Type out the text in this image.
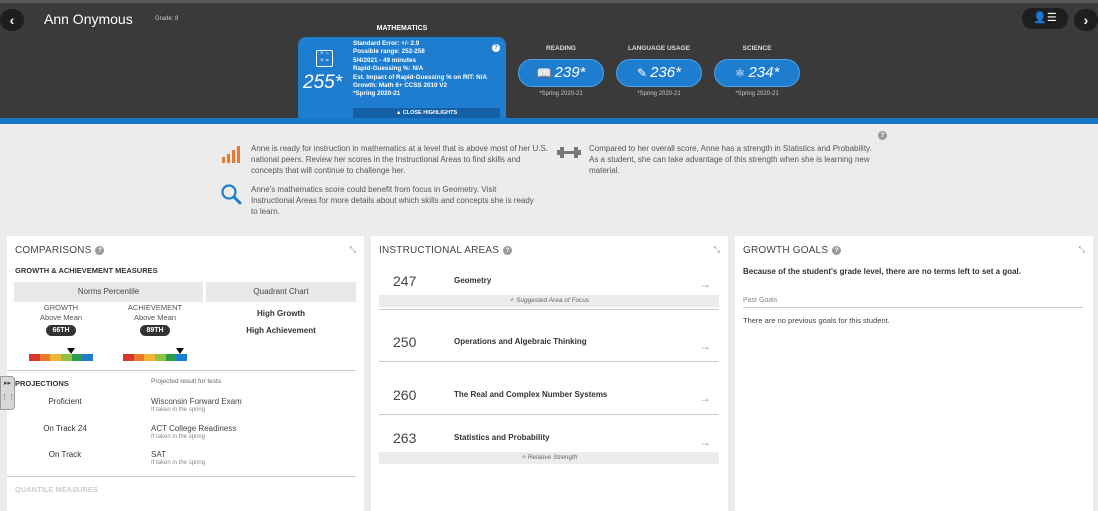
‹	Ann Onymous	Grade: 8	👤☰	›
MATHEMATICS
+ −
× =
255*
Standard Error: +/- 2.9
Possible range: 252-258
5/4/2021 - 49 minutes
Rapid-Guessing %: N/A
Est. Impact of Rapid-Guessing % on RIT: N/A
Growth: Math 6+ CCSS 2010 V2
*Spring 2020-21
?
▲ CLOSE HIGHLIGHTS
READING
📖 239*
*Spring 2020-21
LANGUAGE USAGE
✎ 236*
*Spring 2020-21
SCIENCE
⚛ 234*
*Spring 2020-21
Anne is ready for instruction in mathematics at a level that is above most of her U.S. national peers. Review her scores in the Instructional Areas to find skills and concepts that will continue to challenge her.
Anne's mathematics score could benefit from focus in Geometry. Visit Instructional Areas for more details about which skills and concepts she is ready to learn.
Compared to her overall score, Anne has a strength in Statistics and Probability. As a student, she can take advantage of this strength when she is learning new material.
?
COMPARISONS ?	⤡
GROWTH & ACHIEVEMENT MEASURES
Norms Percentile	Quadrant Chart
GROWTH
Above Mean
66TH
ACHIEVEMENT
Above Mean
89TH
High Growth
High Achievement
PROJECTIONS	Projected result for tests
Proficient	Wisconsin Forward Exam
If taken in the spring
On Track 24	ACT College Readiness
If taken in the spring
On Track	SAT
If taken in the spring
QUANTILE MEASURES
INSTRUCTIONAL AREAS ?	⤡
247	Geometry	→
✧ Suggested Area of Focus
250	Operations and Algebraic Thinking	→
260	The Real and Complex Number Systems	→
263	Statistics and Probability	→
✧ Relative Strength
GROWTH GOALS ?	⤡
Because of the student's grade level, there are no terms left to set a goal.
Past Goals
There are no previous goals for this student.
▸▸
⋮⋮
